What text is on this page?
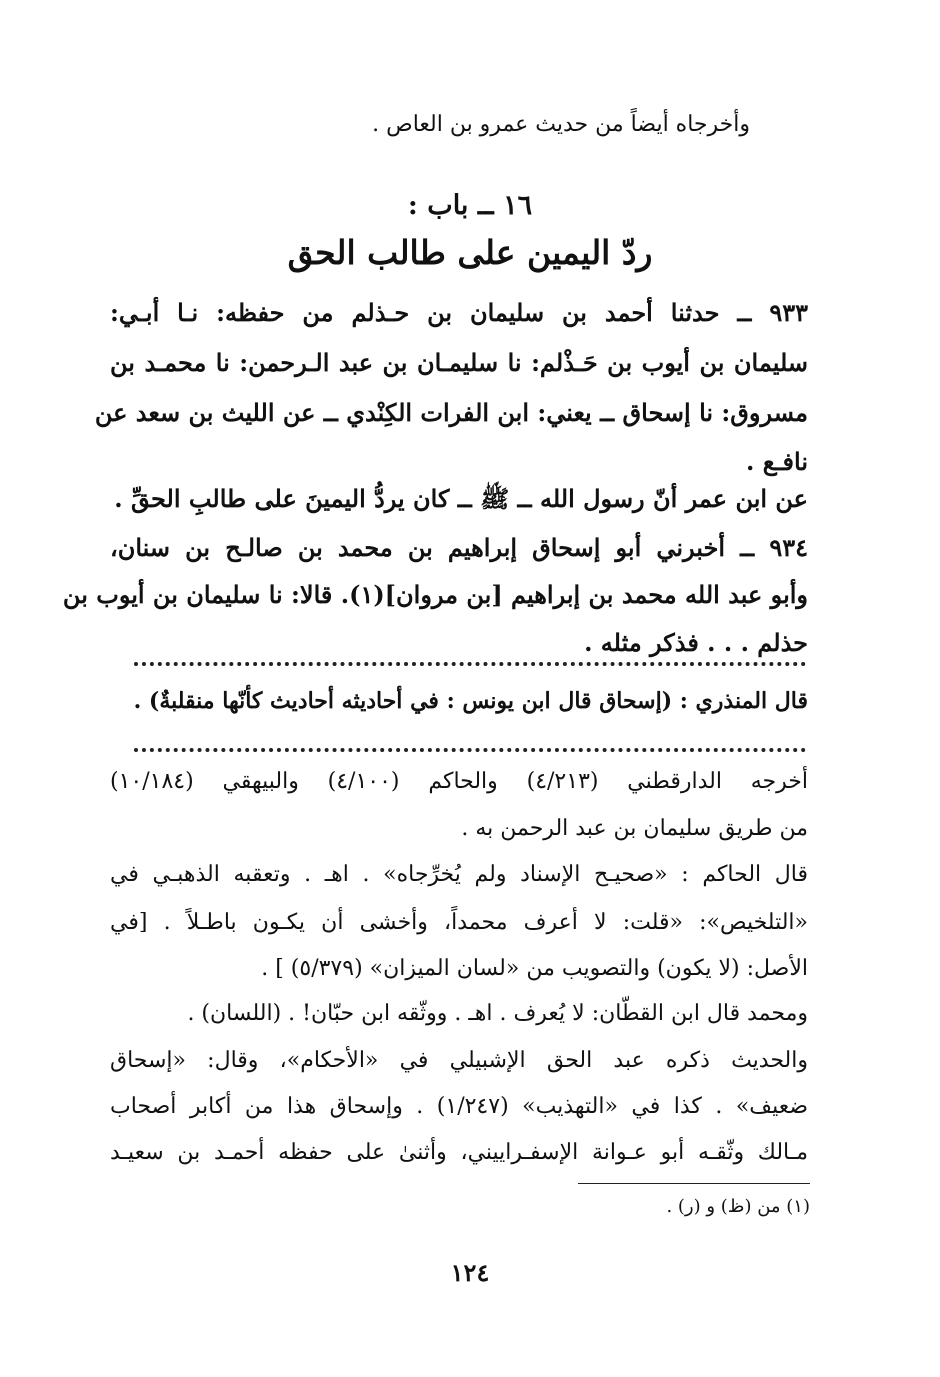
وأخرجاه أيضاً من حديث عمرو بن العاص .
١٦ ــ باب :
ردّ اليمين على طالب الحق
٩٣٣ ــ حدثنا أحمد بن سليمان بن حـذلم من حفظه: نـا أبـي:
سليمان بن أيوب بن حَـذْلم: نا سليمـان بن عبد الـرحمن: نا محمـد بن
مسروق: نا إسحاق ــ يعني: ابن الفرات الكِنْدي ــ عن الليث بن سعد عن
نافـع .
عن ابن عمر أنّ رسول الله ــ ﷺ ــ كان يردُّ اليمينَ على طالبِ الحقِّ .
٩٣٤ ــ أخبرني أبو إسحاق إبراهيم بن محمد بن صالـح بن سنان،
وأبو عبد الله محمد بن إبراهيم [بن مروان](١). قالا: نا سليمان بن أيوب بن
حذلم . . . فذكر مثله .
قال المنذري : (إسحاق قال ابن يونس : في أحاديثه أحاديث كأنّها منقلبةٌ) .
أخرجه الدارقطني (٤/٢١٣) والحاكم (٤/١٠٠) والبيهقي (١٠/١٨٤)
من طريق سليمان بن عبد الرحمن به .
قال الحاكم : «صحيـح الإسناد ولم يُخرِّجاه» . اهـ . وتعقبه الذهبـي في
«التلخيص»: «قلت: لا أعرف محمداً، وأخشى أن يكـون باطـلاً . [في
الأصل: (لا يكون) والتصويب من «لسان الميزان» (٥/٣٧٩) ] .
ومحمد قال ابن القطّان: لا يُعرف . اهـ . ووثّقه ابن حبّان! . (اللسان) .
والحديث ذكره عبد الحق الإشبيلي في «الأحكام»، وقال: «إسحاق
ضعيف» . كذا في «التهذيب» (١/٢٤٧) . وإسحاق هذا من أكابر أصحاب
مـالك وثّقـه أبو عـوانة الإسفـراييني، وأثنىٰ على حفظه أحمـد بن سعيـد
(١) من (ظ) و (ر) .
١٢٤
